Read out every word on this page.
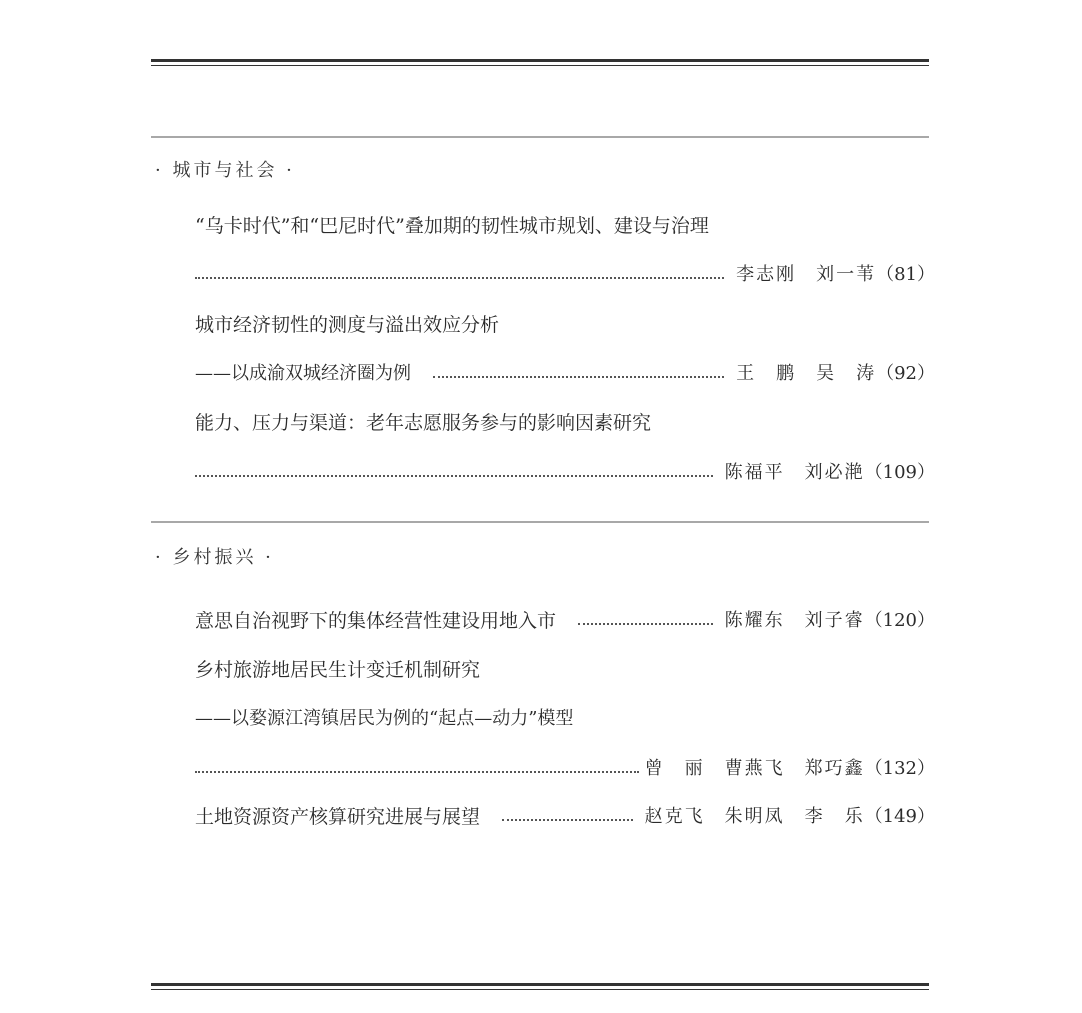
· 城市与社会 ·
“乌卡时代”和“巴尼时代”叠加期的韧性城市规划、建设与治理
李志刚　刘一苇 （81）
城市经济韧性的测度与溢出效应分析
——以成渝双城经济圈为例	王　鹏　吴　涛 （92）
能力、压力与渠道：老年志愿服务参与的影响因素研究
陈福平　刘必滟 （109）
· 乡村振兴 ·
意思自治视野下的集体经营性建设用地入市	陈耀东　刘子睿 （120）
乡村旅游地居民生计变迁机制研究
——以婺源江湾镇居民为例的“起点—动力”模型
曾　丽　曹燕飞　郑巧鑫 （132）
土地资源资产核算研究进展与展望	赵克飞　朱明凤　李　乐 （149）
